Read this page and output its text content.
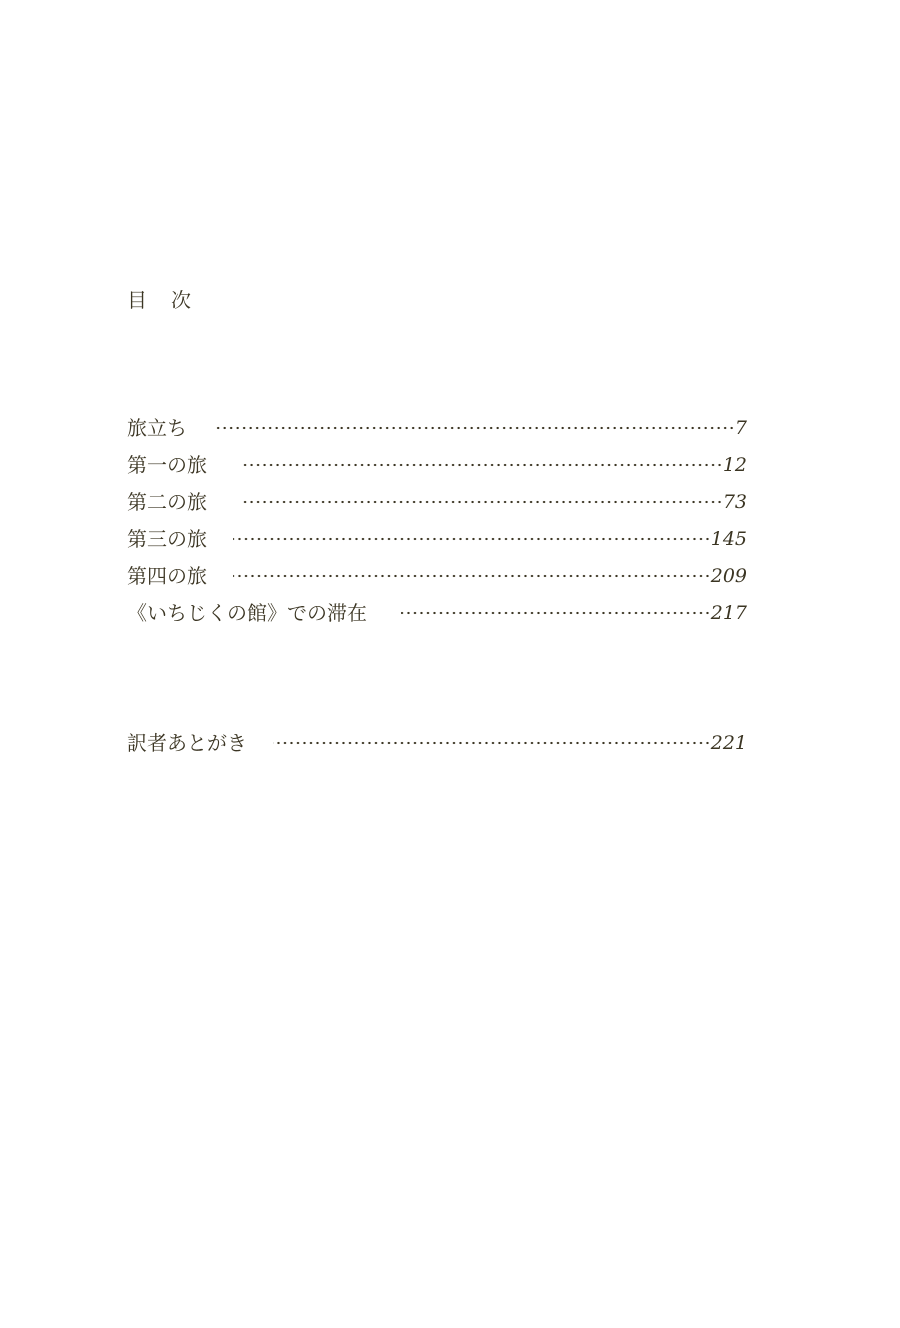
目 次
旅立ち	7
第一の旅	12
第二の旅	73
第三の旅	145
第四の旅	209
《いちじくの館》での滞在	217
訳者あとがき	221
